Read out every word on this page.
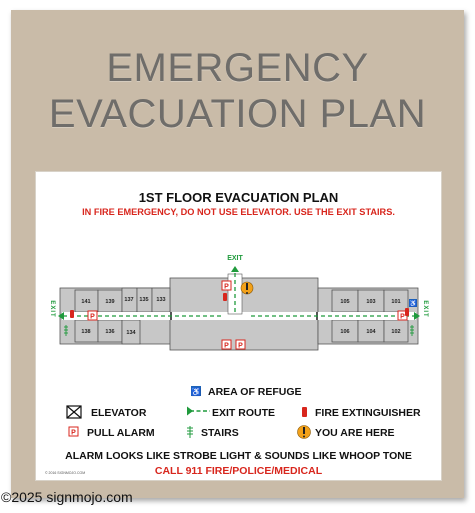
EMERGENCY
EVACUATION PLAN
1ST FLOOR EVACUATION PLAN
IN FIRE EMERGENCY, DO NOT USE ELEVATOR. USE THE EXIT STAIRS.
141	139 137 135 133
138	136 134
105	103	101
106	104	102
EXIT
EXIT	EXIT
P
P
P P
P
♿
♿
P
AREA OF REFUGE
ELEVATOR	EXIT ROUTE	FIRE EXTINGUISHER
PULL ALARM	STAIRS	YOU ARE HERE
ALARM LOOKS LIKE STROBE LIGHT & SOUNDS LIKE WHOOP TONE
CALL 911 FIRE/POLICE/MEDICAL
© 2016 SIGNMOJO.COM
©2025 signmojo.com
